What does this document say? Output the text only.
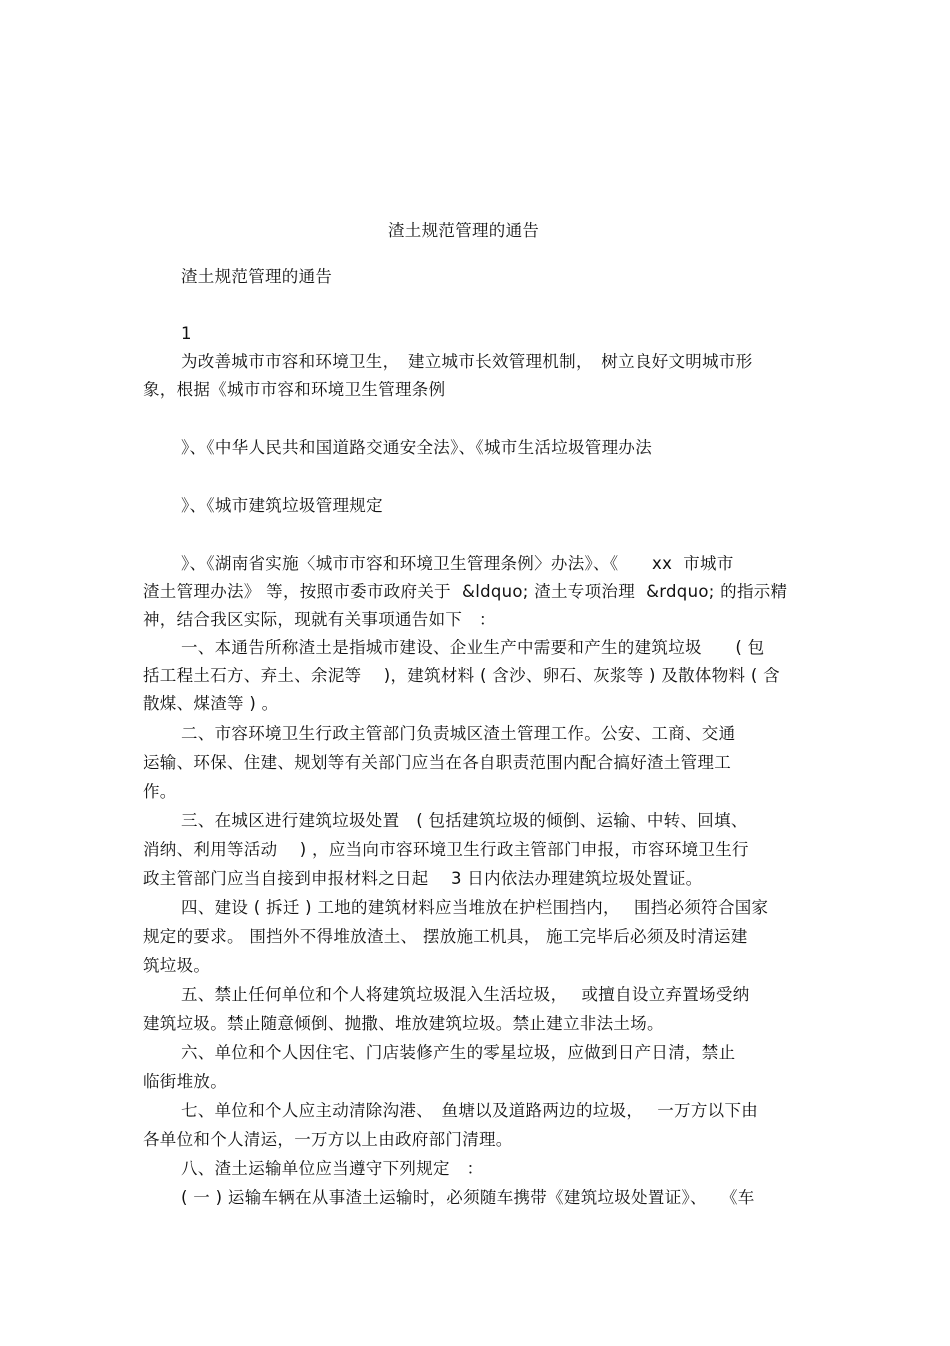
渣土规范管理的通告
渣土规范管理的通告
1
为改善城市市容和环境卫生，　建立城市长效管理机制，　树立良好文明城市形
象，根据《城市市容和环境卫生管理条例
》、《中华人民共和国道路交通安全法》、《城市生活垃圾管理办法
》、《城市建筑垃圾管理规定
》、《湖南省实施〈城市市容和环境卫生管理条例〉办法》、《　　xx  市城市
渣土管理办法》 等，按照市委市政府关于  &ldquo; 渣土专项治理  &rdquo; 的指示精
神，结合我区实际，现就有关事项通告如下　：
一、本通告所称渣土是指城市建设、企业生产中需要和产生的建筑垃圾　　( 包
括工程土石方、弃土、余泥等　 )，建筑材料 ( 含沙、卵石、灰浆等 ) 及散体物料 ( 含
散煤、煤渣等 ) 。
二、市容环境卫生行政主管部门负责城区渣土管理工作。公安、工商、交通
运输、环保、住建、规划等有关部门应当在各自职责范围内配合搞好渣土管理工
作。
三、在城区进行建筑垃圾处置　( 包括建筑垃圾的倾倒、运输、中转、回填、
消纳、利用等活动　 ) ，应当向市容环境卫生行政主管部门申报，市容环境卫生行
政主管部门应当自接到申报材料之日起　 3 日内依法办理建筑垃圾处置证。
四、建设 ( 拆迁 ) 工地的建筑材料应当堆放在护栏围挡内，　 围挡必须符合国家
规定的要求。 围挡外不得堆放渣土、 摆放施工机具， 施工完毕后必须及时清运建
筑垃圾。
五、禁止任何单位和个人将建筑垃圾混入生活垃圾，　 或擅自设立弃置场受纳
建筑垃圾。禁止随意倾倒、抛撒、堆放建筑垃圾。禁止建立非法土场。
六、单位和个人因住宅、门店装修产生的零星垃圾，应做到日产日清，禁止
临街堆放。
七、单位和个人应主动清除沟港、　鱼塘以及道路两边的垃圾，　 一万方以下由
各单位和个人清运，一万方以上由政府部门清理。
八、渣土运输单位应当遵守下列规定　：
( 一 ) 运输车辆在从事渣土运输时，必须随车携带《建筑垃圾处置证》、　 《车
